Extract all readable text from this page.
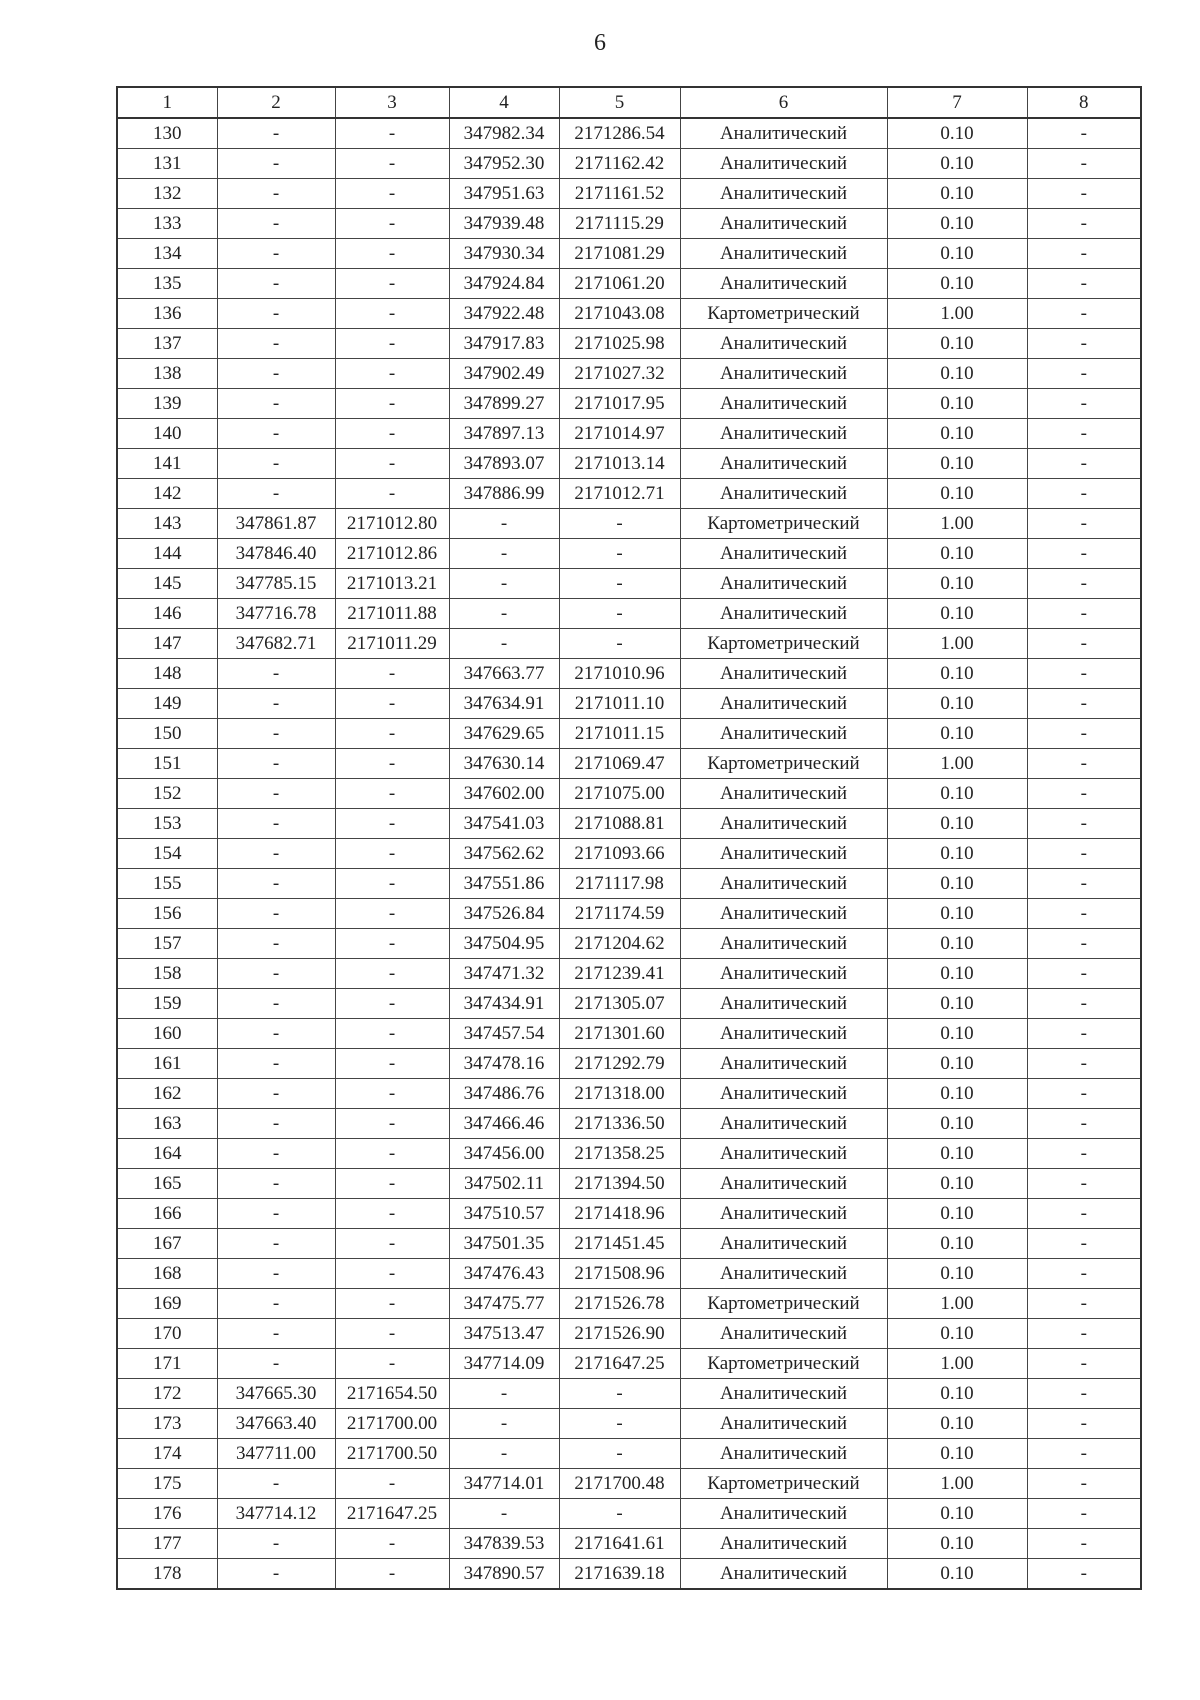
6
1	2	3	4	5	6	7	8
130	-	-	347982.34	2171286.54	Аналитический	0.10	-
131	-	-	347952.30	2171162.42	Аналитический	0.10	-
132	-	-	347951.63	2171161.52	Аналитический	0.10	-
133	-	-	347939.48	2171115.29	Аналитический	0.10	-
134	-	-	347930.34	2171081.29	Аналитический	0.10	-
135	-	-	347924.84	2171061.20	Аналитический	0.10	-
136	-	-	347922.48	2171043.08	Картометрический	1.00	-
137	-	-	347917.83	2171025.98	Аналитический	0.10	-
138	-	-	347902.49	2171027.32	Аналитический	0.10	-
139	-	-	347899.27	2171017.95	Аналитический	0.10	-
140	-	-	347897.13	2171014.97	Аналитический	0.10	-
141	-	-	347893.07	2171013.14	Аналитический	0.10	-
142	-	-	347886.99	2171012.71	Аналитический	0.10	-
143	347861.87	2171012.80	-	-	Картометрический	1.00	-
144	347846.40	2171012.86	-	-	Аналитический	0.10	-
145	347785.15	2171013.21	-	-	Аналитический	0.10	-
146	347716.78	2171011.88	-	-	Аналитический	0.10	-
147	347682.71	2171011.29	-	-	Картометрический	1.00	-
148	-	-	347663.77	2171010.96	Аналитический	0.10	-
149	-	-	347634.91	2171011.10	Аналитический	0.10	-
150	-	-	347629.65	2171011.15	Аналитический	0.10	-
151	-	-	347630.14	2171069.47	Картометрический	1.00	-
152	-	-	347602.00	2171075.00	Аналитический	0.10	-
153	-	-	347541.03	2171088.81	Аналитический	0.10	-
154	-	-	347562.62	2171093.66	Аналитический	0.10	-
155	-	-	347551.86	2171117.98	Аналитический	0.10	-
156	-	-	347526.84	2171174.59	Аналитический	0.10	-
157	-	-	347504.95	2171204.62	Аналитический	0.10	-
158	-	-	347471.32	2171239.41	Аналитический	0.10	-
159	-	-	347434.91	2171305.07	Аналитический	0.10	-
160	-	-	347457.54	2171301.60	Аналитический	0.10	-
161	-	-	347478.16	2171292.79	Аналитический	0.10	-
162	-	-	347486.76	2171318.00	Аналитический	0.10	-
163	-	-	347466.46	2171336.50	Аналитический	0.10	-
164	-	-	347456.00	2171358.25	Аналитический	0.10	-
165	-	-	347502.11	2171394.50	Аналитический	0.10	-
166	-	-	347510.57	2171418.96	Аналитический	0.10	-
167	-	-	347501.35	2171451.45	Аналитический	0.10	-
168	-	-	347476.43	2171508.96	Аналитический	0.10	-
169	-	-	347475.77	2171526.78	Картометрический	1.00	-
170	-	-	347513.47	2171526.90	Аналитический	0.10	-
171	-	-	347714.09	2171647.25	Картометрический	1.00	-
172	347665.30	2171654.50	-	-	Аналитический	0.10	-
173	347663.40	2171700.00	-	-	Аналитический	0.10	-
174	347711.00	2171700.50	-	-	Аналитический	0.10	-
175	-	-	347714.01	2171700.48	Картометрический	1.00	-
176	347714.12	2171647.25	-	-	Аналитический	0.10	-
177	-	-	347839.53	2171641.61	Аналитический	0.10	-
178	-	-	347890.57	2171639.18	Аналитический	0.10	-
